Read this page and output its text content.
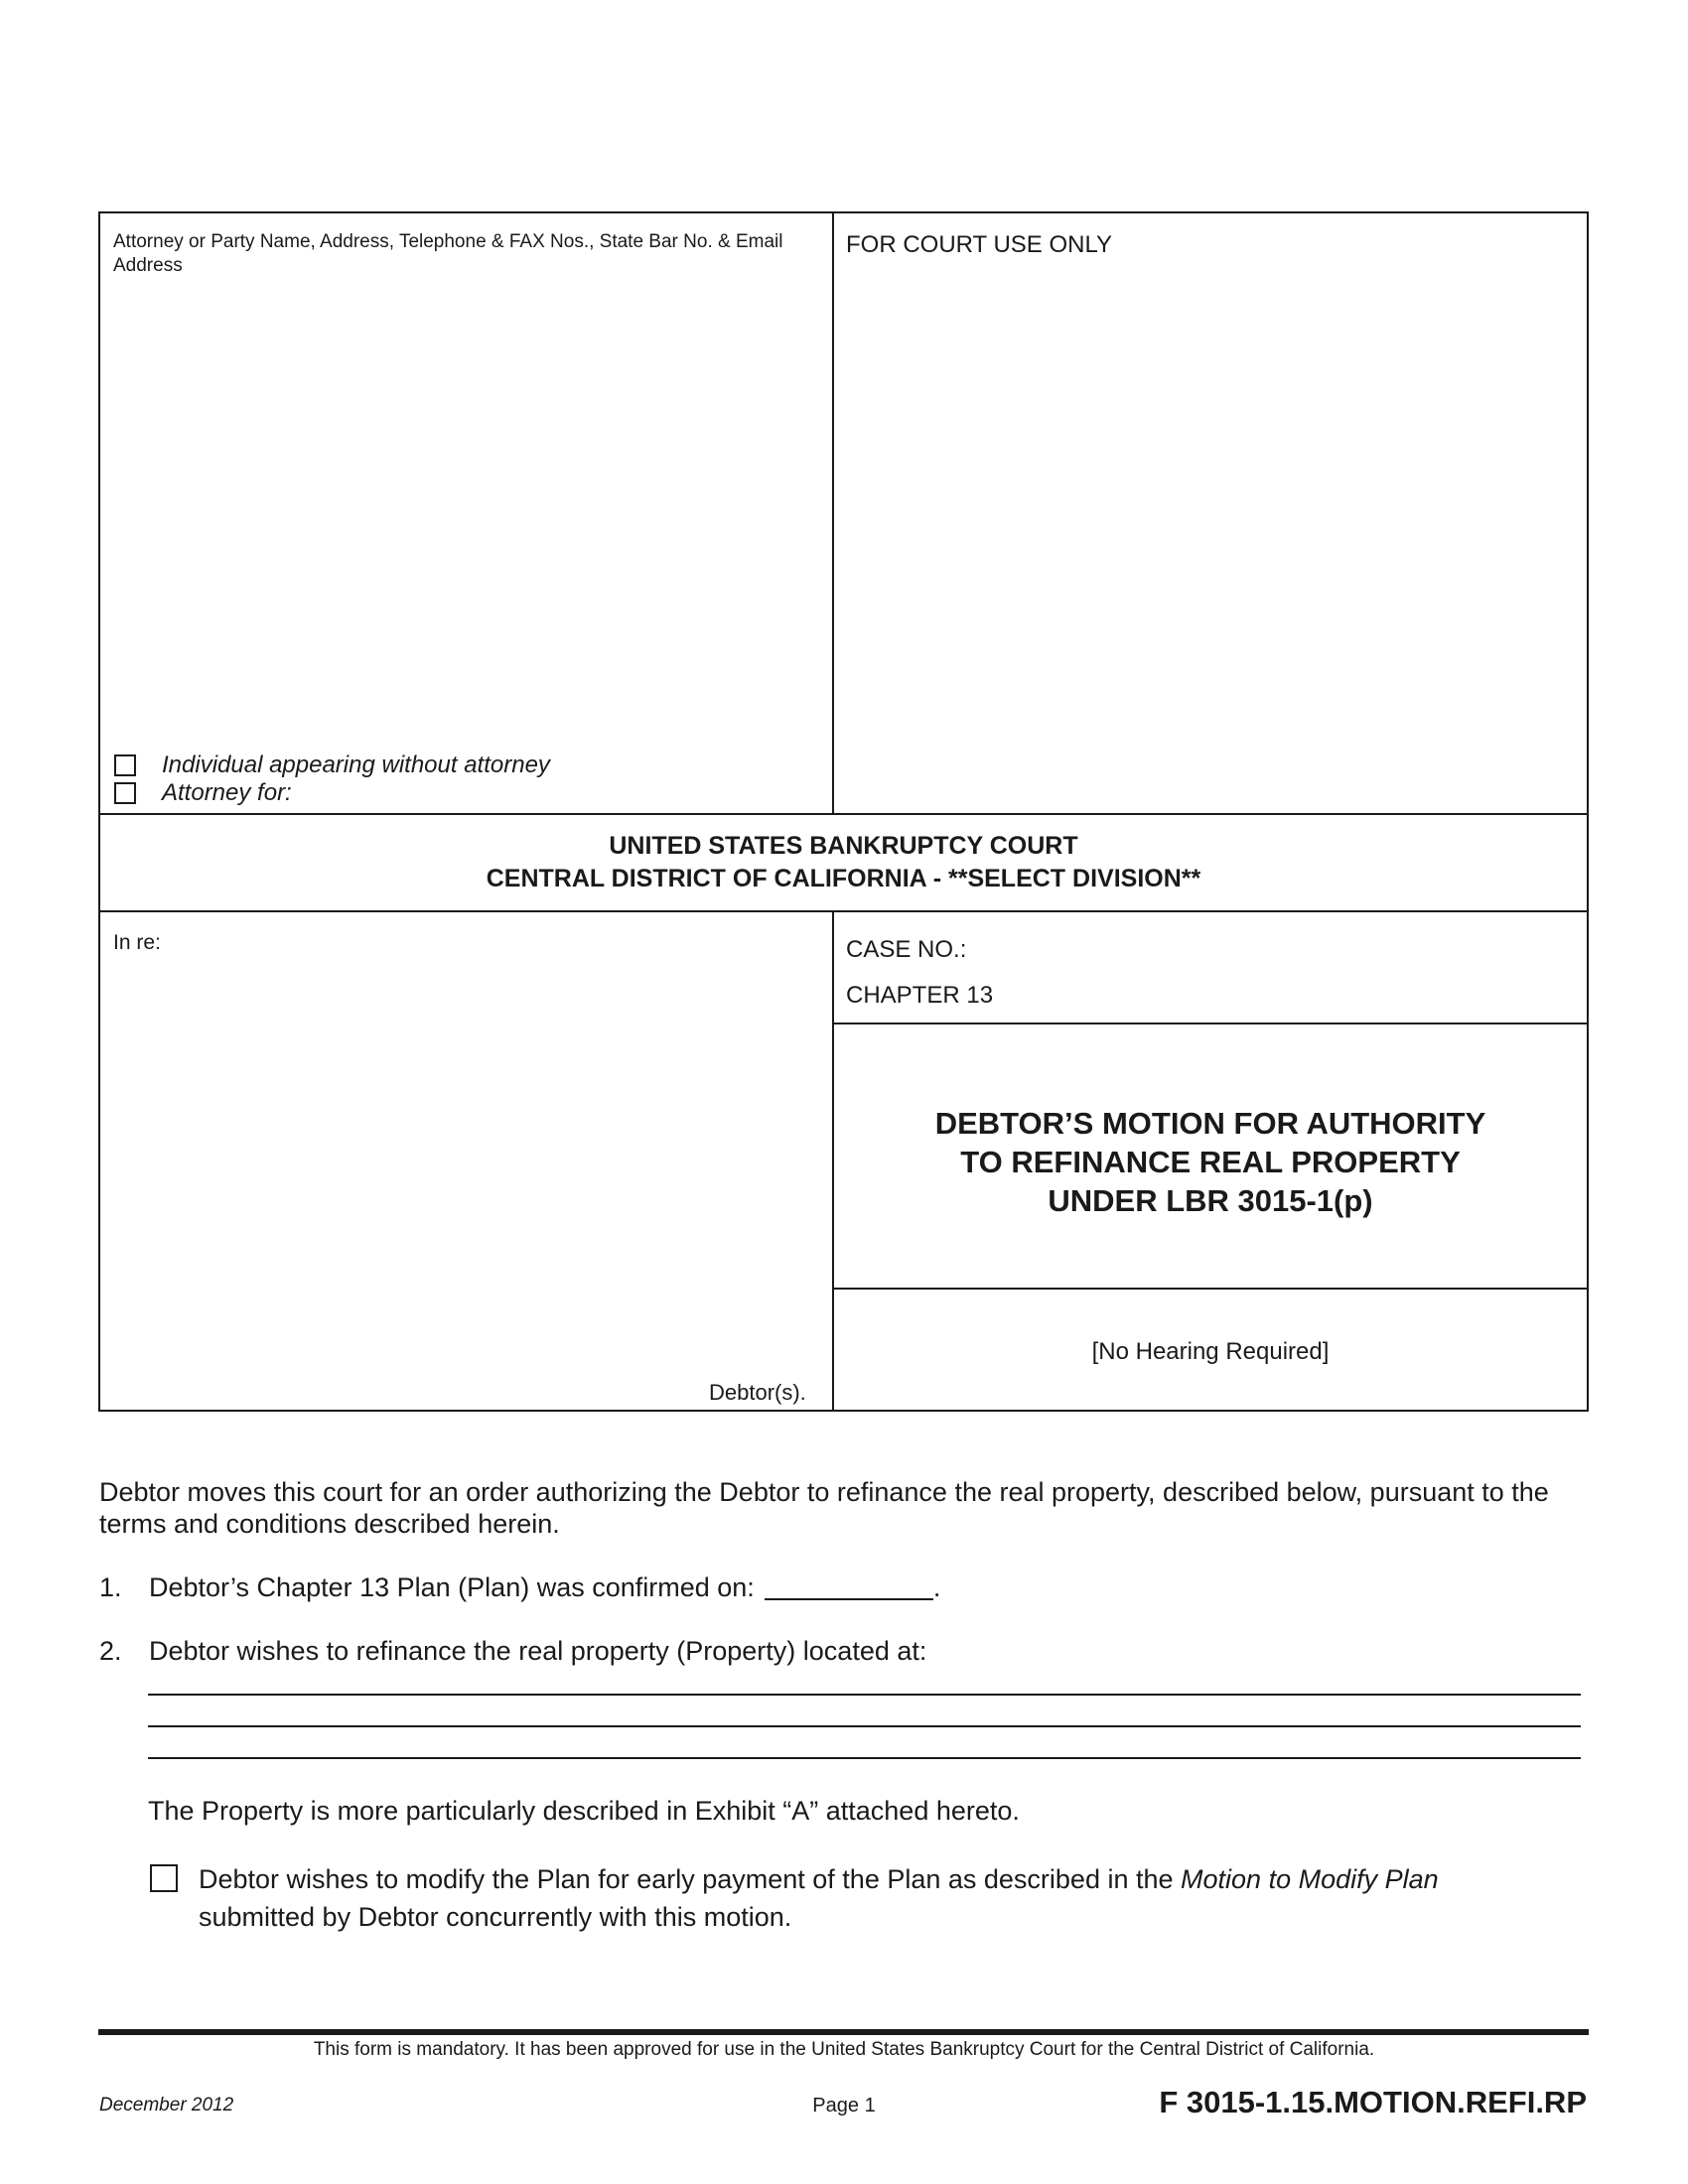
Attorney or Party Name, Address, Telephone & FAX Nos., State Bar No. & Email Address
Individual appearing without attorney
Attorney for:
FOR COURT USE ONLY
UNITED STATES BANKRUPTCY COURT
CENTRAL DISTRICT OF CALIFORNIA - **SELECT DIVISION**
In re:
Debtor(s).
CASE NO.:
CHAPTER 13
DEBTOR’S MOTION FOR AUTHORITY
TO REFINANCE REAL PROPERTY
UNDER LBR 3015-1(p)
[No Hearing Required]
Debtor moves this court for an order authorizing the Debtor to refinance the real property, described below, pursuant to the terms and conditions described herein.
1.	Debtor’s Chapter 13 Plan (Plan) was confirmed on:	.
2.	Debtor wishes to refinance the real property (Property) located at:
The Property is more particularly described in Exhibit “A” attached hereto.
Debtor wishes to modify the Plan for early payment of the Plan as described in the Motion to Modify Plan
submitted by Debtor concurrently with this motion.
This form is mandatory. It has been approved for use in the United States Bankruptcy Court for the Central District of California.
December 2012	Page 1	F 3015-1.15.MOTION.REFI.RP
